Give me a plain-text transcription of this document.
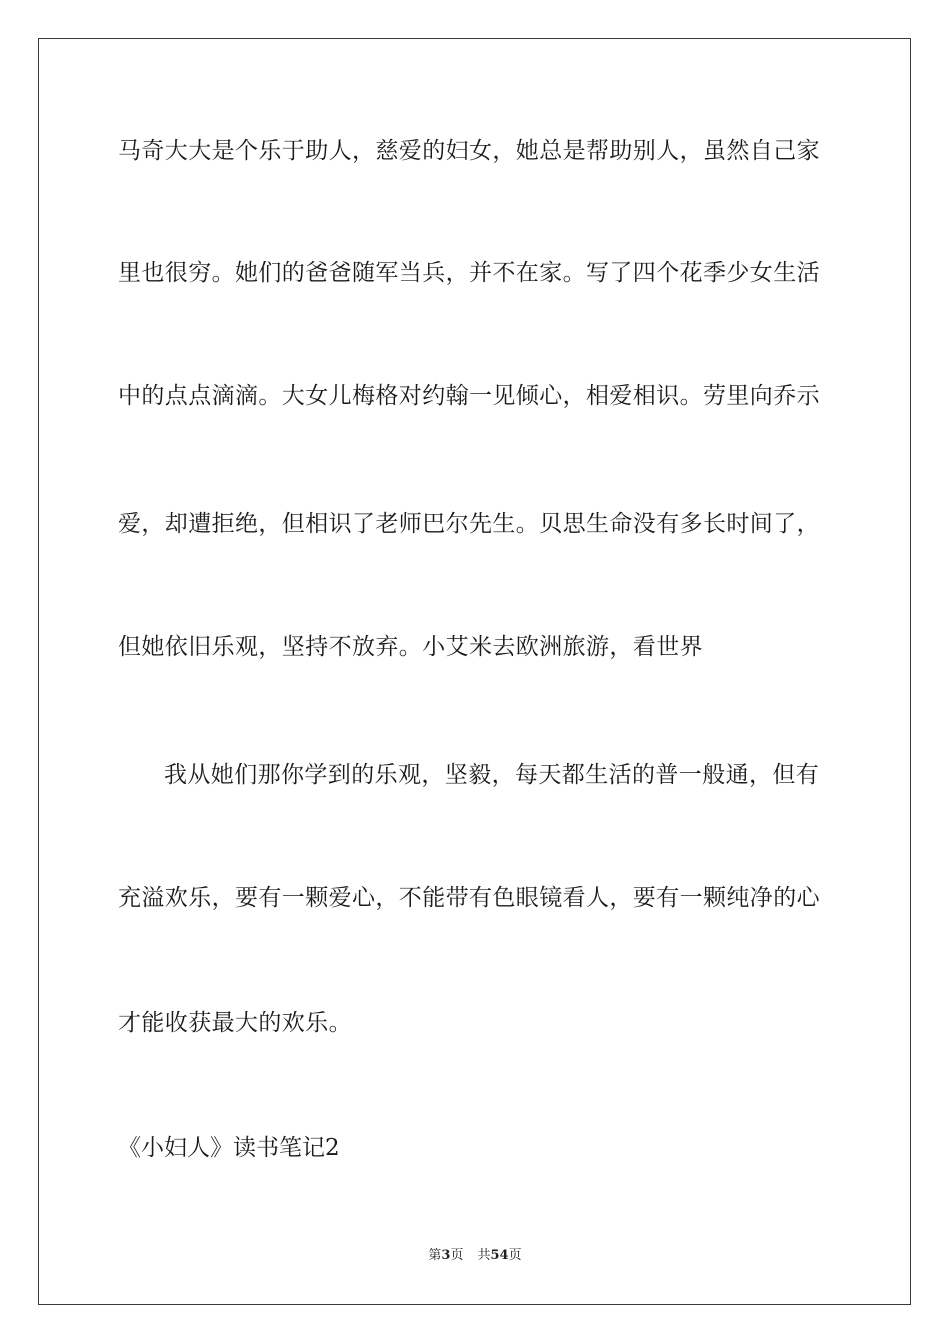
马奇大大是个乐于助人，慈爱的妇女，她总是帮助别人，虽然自己家
里也很穷。她们的爸爸随军当兵，并不在家。写了四个花季少女生活
中的点点滴滴。大女儿梅格对约翰一见倾心，相爱相识。劳里向乔示
爱，却遭拒绝，但相识了老师巴尔先生。贝思生命没有多长时间了，
但她依旧乐观，坚持不放弃。小艾米去欧洲旅游，看世界
我从她们那你学到的乐观，坚毅，每天都生活的普一般通，但有
充溢欢乐，要有一颗爱心，不能带有色眼镜看人，要有一颗纯净的心
才能收获最大的欢乐。
《小妇人》读书笔记2
第3页 共54页
